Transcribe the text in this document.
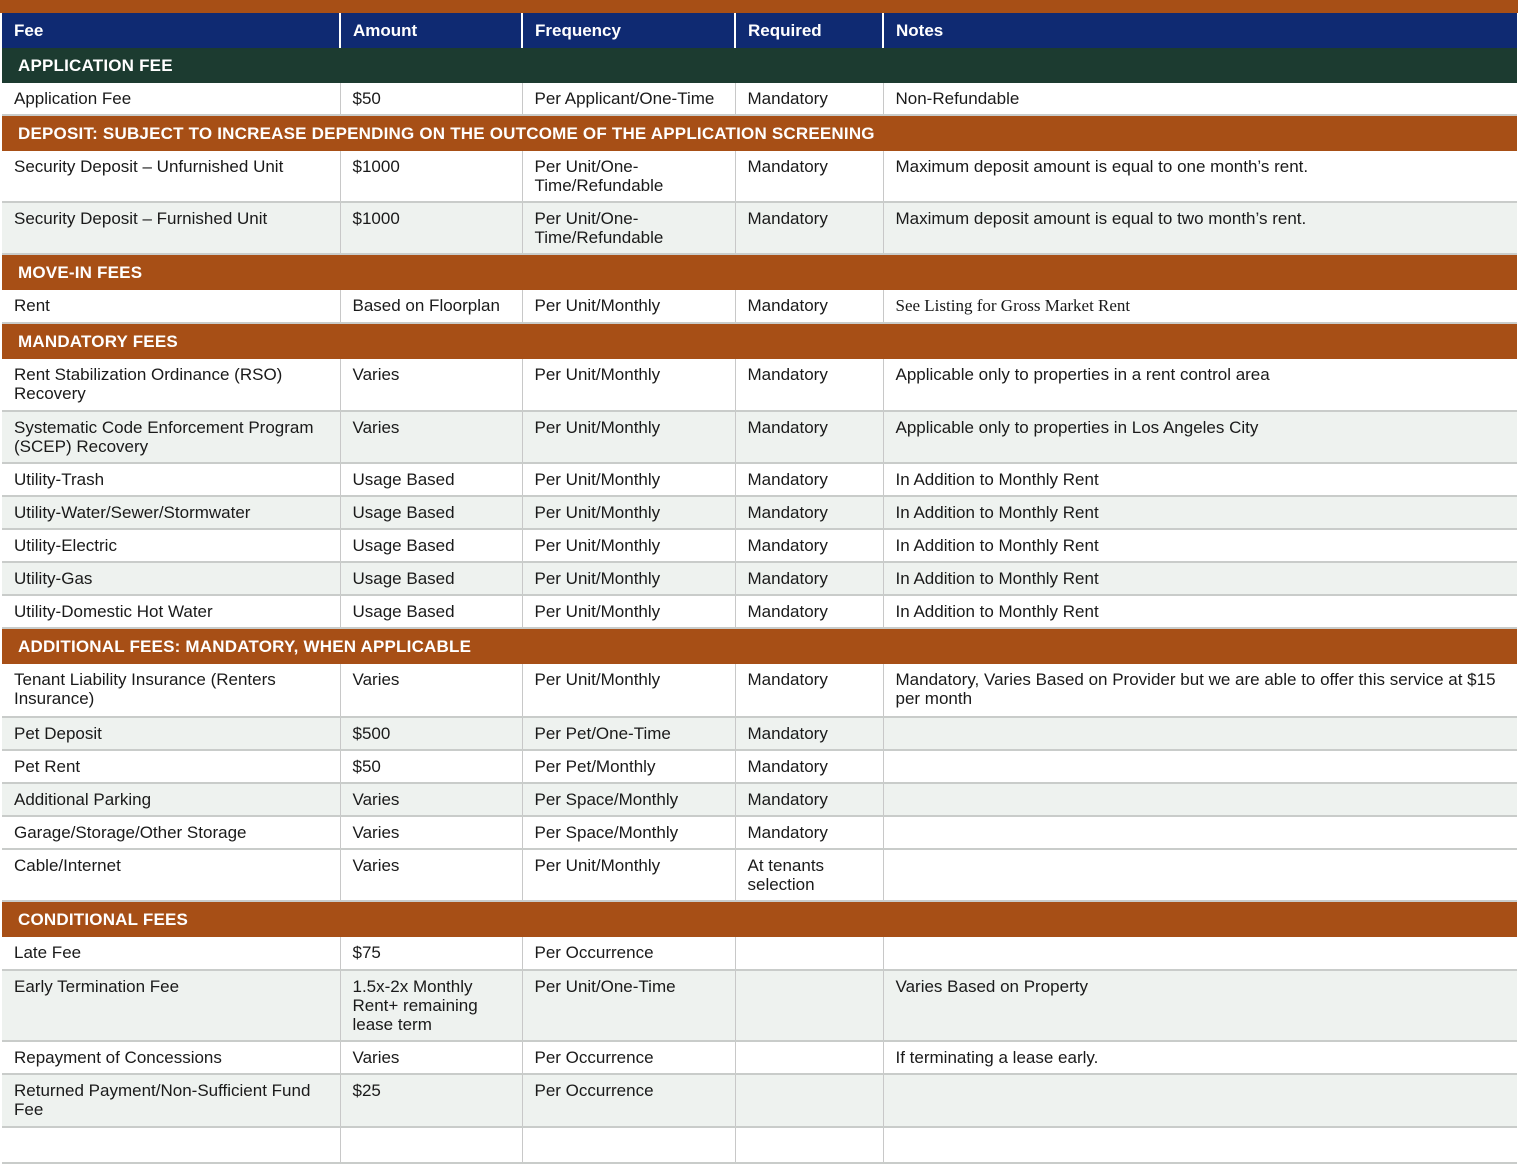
Fee	Amount	Frequency	Required	Notes
APPLICATION FEE				
Application Fee	$50	Per Applicant/One-Time	Mandatory	Non-Refundable
DEPOSIT: SUBJECT TO INCREASE DEPENDING ON THE OUTCOME OF THE APPLICATION SCREENING				
Security Deposit – Unfurnished Unit	$1000	Per Unit/One-Time/Refundable	Mandatory	Maximum deposit amount is equal to one month’s rent.
Security Deposit – Furnished Unit	$1000	Per Unit/One-Time/Refundable	Mandatory	Maximum deposit amount is equal to two month’s rent.
MOVE-IN FEES				
Rent	Based on Floorplan	Per Unit/Monthly	Mandatory	See Listing for Gross Market Rent
MANDATORY FEES				
Rent Stabilization Ordinance (RSO) Recovery	Varies	Per Unit/Monthly	Mandatory	Applicable only to properties in a rent control area
Systematic Code Enforcement Program (SCEP) Recovery	Varies	Per Unit/Monthly	Mandatory	Applicable only to properties in Los Angeles City
Utility-Trash	Usage Based	Per Unit/Monthly	Mandatory	In Addition to Monthly Rent
Utility-Water/Sewer/Stormwater	Usage Based	Per Unit/Monthly	Mandatory	In Addition to Monthly Rent
Utility-Electric	Usage Based	Per Unit/Monthly	Mandatory	In Addition to Monthly Rent
Utility-Gas	Usage Based	Per Unit/Monthly	Mandatory	In Addition to Monthly Rent
Utility-Domestic Hot Water	Usage Based	Per Unit/Monthly	Mandatory	In Addition to Monthly Rent
ADDITIONAL FEES: MANDATORY, WHEN APPLICABLE				
Tenant Liability Insurance (Renters Insurance)	Varies	Per Unit/Monthly	Mandatory	Mandatory, Varies Based on Provider but we are able to offer this service at $15 per month
Pet Deposit	$500	Per Pet/One-Time	Mandatory	
Pet Rent	$50	Per Pet/Monthly	Mandatory	
Additional Parking	Varies	Per Space/Monthly	Mandatory	
Garage/Storage/Other Storage	Varies	Per Space/Monthly	Mandatory	
Cable/Internet	Varies	Per Unit/Monthly	At tenants selection	
CONDITIONAL FEES				
Late Fee	$75	Per Occurrence		
Early Termination Fee	1.5x-2x Monthly Rent+ remaining lease term	Per Unit/One-Time		Varies Based on Property
Repayment of Concessions	Varies	Per Occurrence		If terminating a lease early.
Returned Payment/Non-Sufficient Fund Fee	$25	Per Occurrence		
